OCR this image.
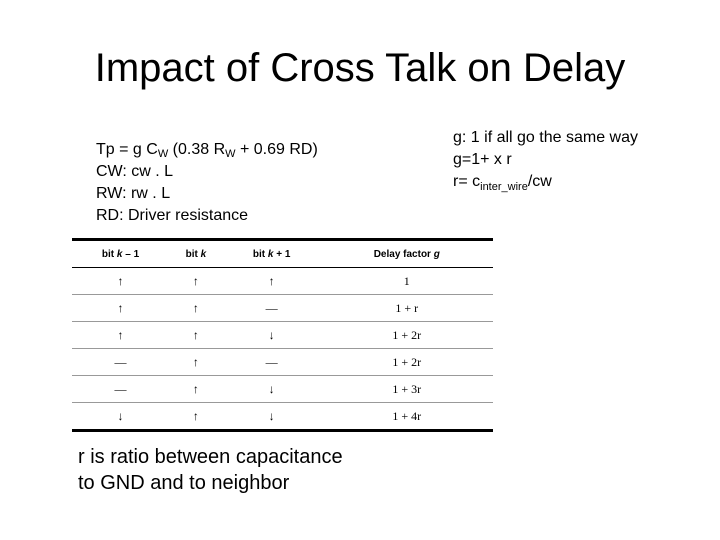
Impact of Cross Talk on Delay
Tp = g $C_W$ (0.38 $R_W + 0.69$ RD)
CW: cw . L
RW: rw . L
RD: Driver resistance
g: 1 if all go the same way
g=1+ x r
$r= c_{inter\_wire}/cw$
bit k – 1	bit k	bit k + 1	Delay factor g
↑	↑	↑	1
↑	↑	—	1 + r
↑	↑	↓	1 + 2r
—	↑	—	1 + 2r
—	↑	↓	1 + 3r
↓	↑	↓	1 + 4r
r is ratio between capacitance
to GND and to neighbor
